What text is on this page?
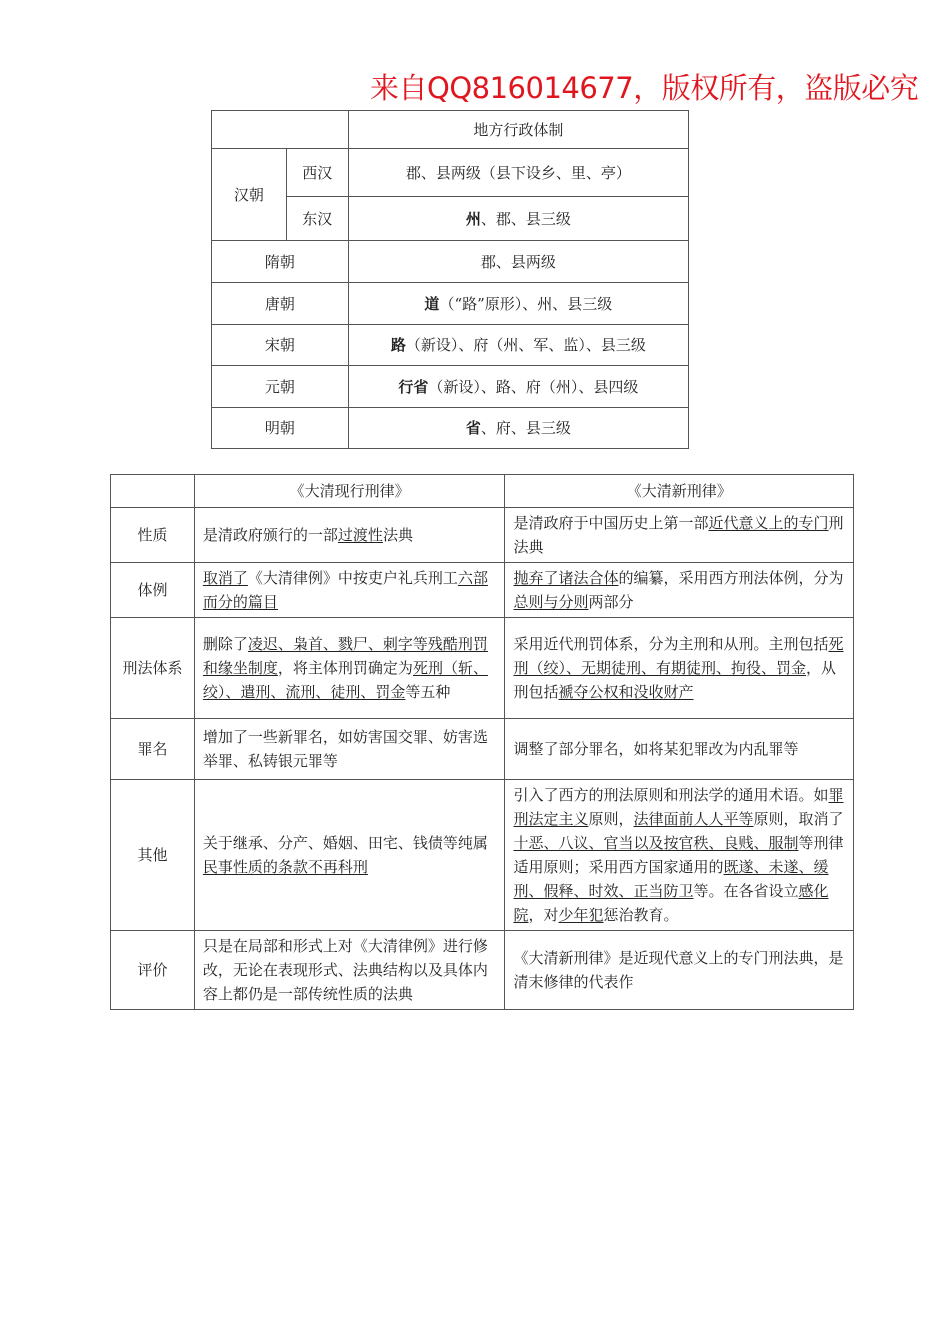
来自QQ816014677，版权所有，盗版必究
		地方行政体制
汉朝	西汉	郡、县两级（县下设乡、里、亭）
	东汉	州、郡、县三级
隋朝		郡、县两级
唐朝		道（“路”原形）、州、县三级
宋朝		路（新设）、府（州、军、监）、县三级
元朝		行省（新设）、路、府（州）、县四级
明朝		省、府、县三级
	《大清现行刑律》	《大清新刑律》
性质	是清政府颁行的一部过渡性法典	是清政府于中国历史上第一部近代意义上的专门刑法典
体例	取消了《大清律例》中按吏户礼兵刑工六部而分的篇目	抛弃了诸法合体的编纂，采用西方刑法体例，分为总则与分则两部分
刑法体系	删除了凌迟、枭首、戮尸、刺字等残酷刑罚和缘坐制度，将主体刑罚确定为死刑（斩、绞）、遣刑、流刑、徒刑、罚金等五种	采用近代刑罚体系，分为主刑和从刑。主刑包括死刑（绞）、无期徒刑、有期徒刑、拘役、罚金，从刑包括褫夺公权和没收财产
罪名	增加了一些新罪名，如妨害国交罪、妨害选举罪、私铸银元罪等	调整了部分罪名，如将某犯罪改为内乱罪等
其他	关于继承、分产、婚姻、田宅、钱债等纯属民事性质的条款不再科刑	引入了西方的刑法原则和刑法学的通用术语。如罪刑法定主义原则，法律面前人人平等原则，取消了十恶、八议、官当以及按官秩、良贱、服制等刑律适用原则；采用西方国家通用的既遂、未遂、缓刑、假释、时效、正当防卫等。在各省设立感化院，对少年犯惩治教育。
评价	只是在局部和形式上对《大清律例》进行修改，无论在表现形式、法典结构以及具体内容上都仍是一部传统性质的法典	《大清新刑律》是近现代意义上的专门刑法典，是清末修律的代表作
